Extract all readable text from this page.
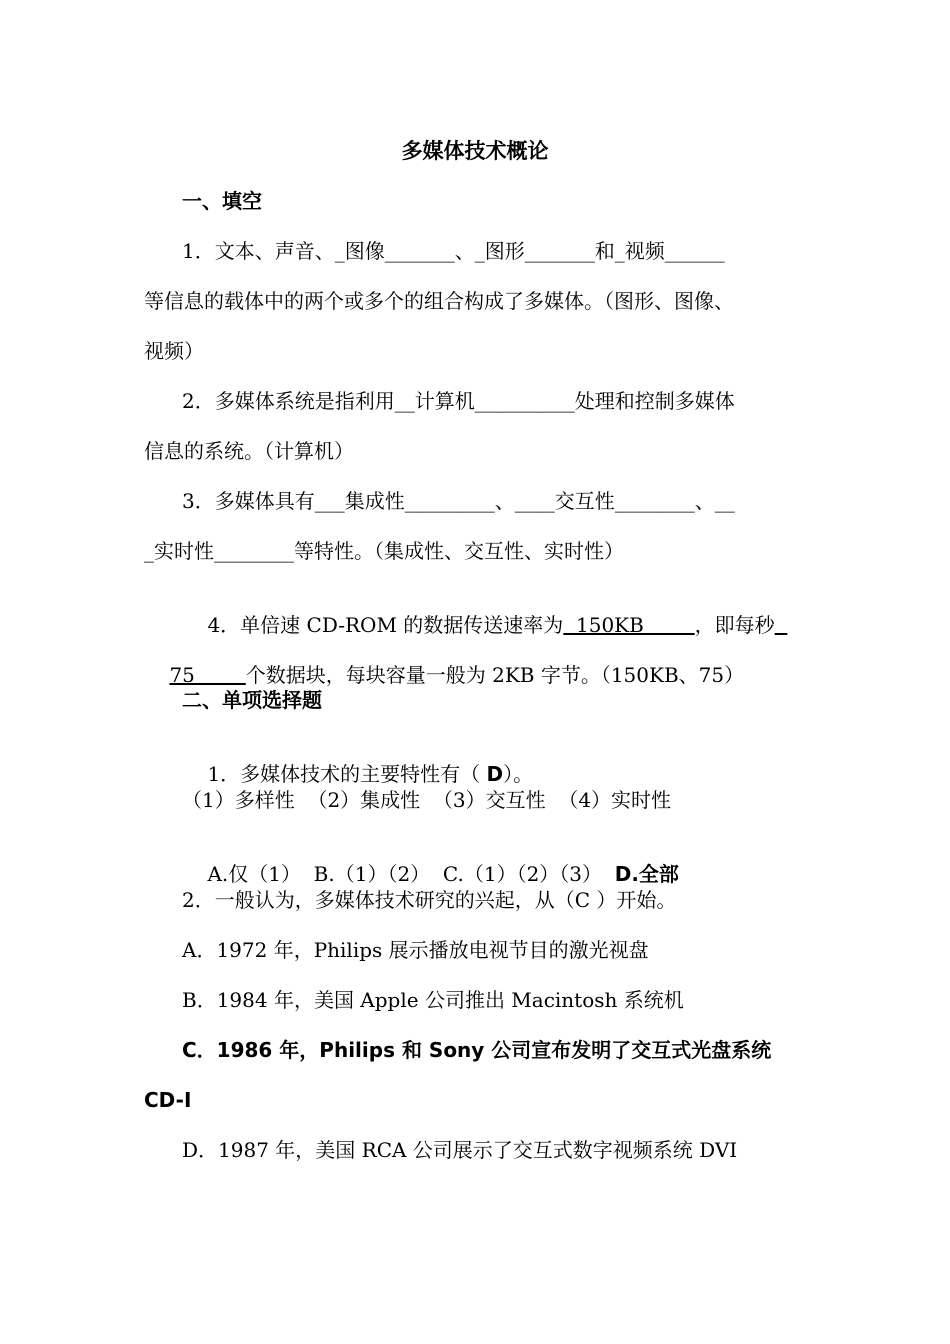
多媒体技术概论
一、填空
1．文本、声音、_图像_______、_图形_______和_视频______
等信息的载体中的两个或多个的组合构成了多媒体。（图形、图像、
视频）
2．多媒体系统是指利用__计算机__________处理和控制多媒体
信息的系统。（计算机）
3．多媒体具有___集成性_________、____交互性________、__
_实时性________等特性。（集成性、交互性、实时性）

4．单倍速 CD-ROM 的数据传送速率为  150KB        ，即每秒

75        个数据块，每块容量一般为 2KB 字节。（150KB、75）

二、单项选择题

1．多媒体技术的主要特性有（ D）。

（1）多样性  （2）集成性  （3）交互性  （4）实时性

A.仅（1）  B.（1）（2）  C.（1）（2）（3）  D.全部

2．一般认为，多媒体技术研究的兴起，从（C ）开始。
A．1972 年，Philips 展示播放电视节目的激光视盘
B．1984 年，美国 Apple 公司推出 Macintosh 系统机
C．1986 年，Philips 和 Sony 公司宣布发明了交互式光盘系统
CD-I
D．1987 年，美国 RCA 公司展示了交互式数字视频系统 DVI
